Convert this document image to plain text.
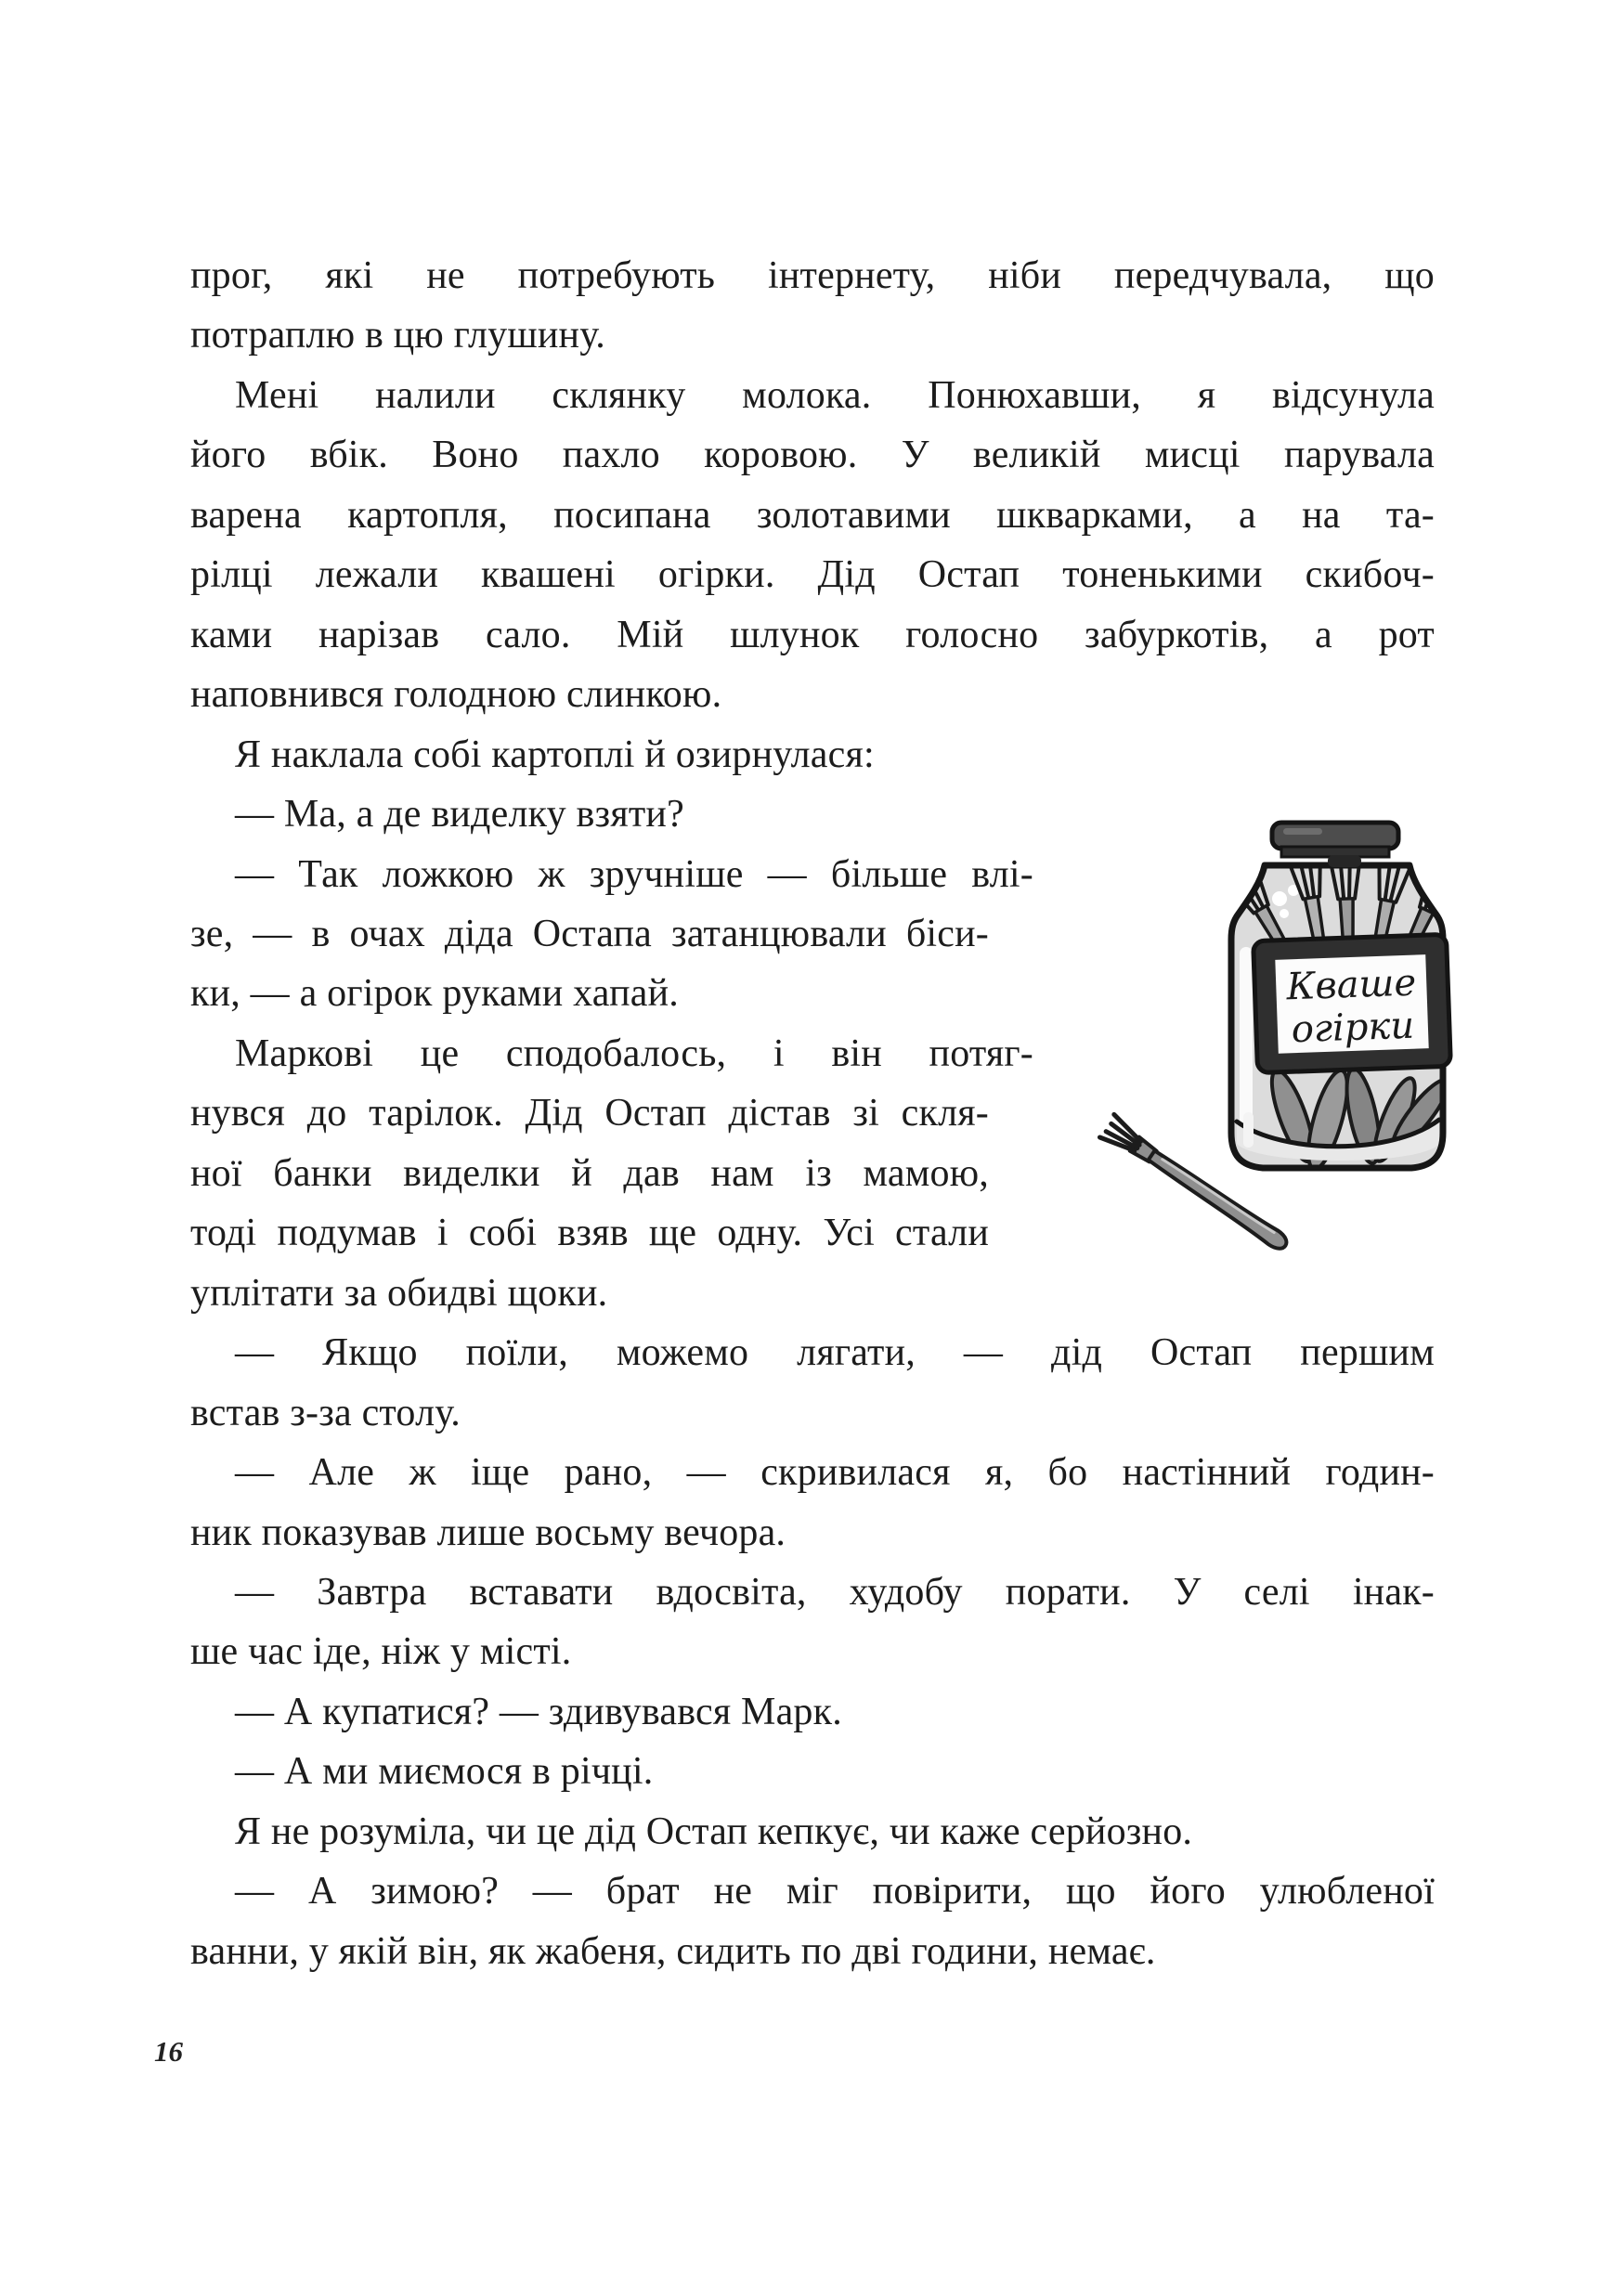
прог, які не потребують інтернету, ніби передчувала, що
потраплю в цю глушину.
Мені налили склянку молока. Понюхавши, я відсунула
його вбік. Воно пахло коровою. У великій мисці парувала
варена картопля, посипана золотавими шкварками, а на та-
рілці лежали квашені огірки. Дід Остап тоненькими скибоч-
ками нарізав сало. Мій шлунок голосно забуркотів, а рот
наповнився голодною слинкою.
Я наклала собі картоплі й озирнулася:
— Ма, а де виделку взяти?
— Так ложкою ж зручніше — більше влі-
зе, — в очах діда Остапа затанцювали біси-
ки, — а огірок руками хапай.
Маркові це сподобалось, і він потяг-
нувся до тарілок. Дід Остап дістав зі скля-
ної банки виделки й дав нам із мамою,
тоді подумав і собі взяв ще одну. Усі стали
уплітати за обидві щоки.
— Якщо поїли, можемо лягати, — дід Остап першим
встав з-за столу.
— Але ж іще рано, — скривилася я, бо настінний годин-
ник показував лише восьму вечора.
— Завтра вставати вдосвіта, худобу порати. У селі інак-
ше час іде, ніж у місті.
— А купатися? — здивувався Марк.
— А ми миємося в річці.
Я не розуміла, чи це дід Остап кепкує, чи каже серйозно.
— А зимою? — брат не міг повірити, що його улюбленої
ванни, у якій він, як жабеня, сидить по дві години, немає.
Кваше
огірки
16
